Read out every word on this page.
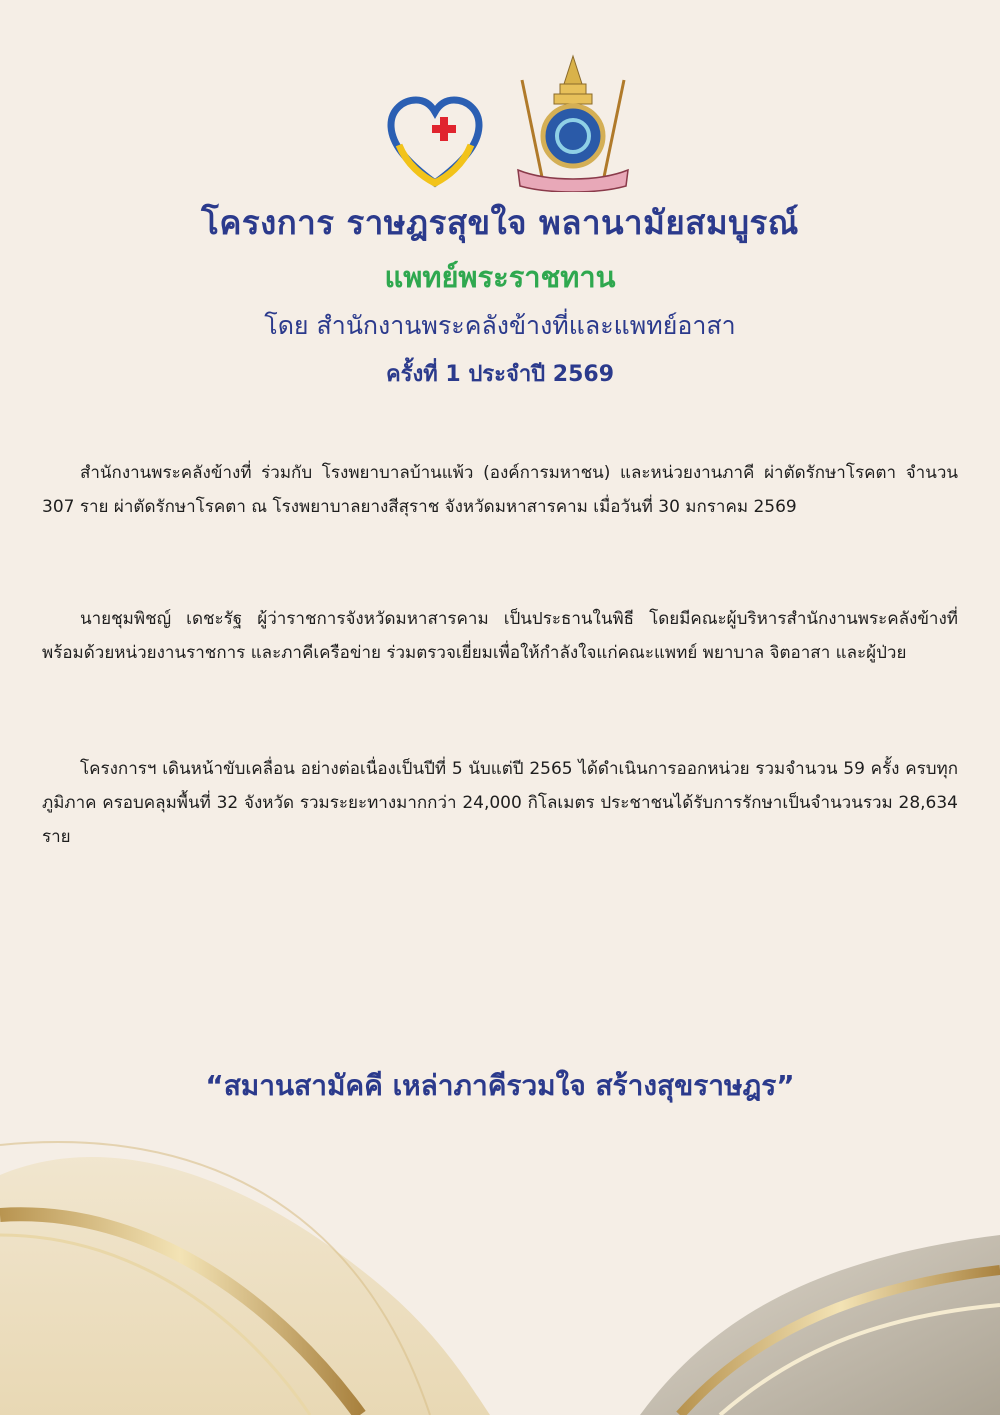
โครงการ ราษฎรสุขใจ พลานามัยสมบูรณ์
แพทย์พระราชทาน
โดย สำนักงานพระคลังข้างที่และแพทย์อาสา
ครั้งที่ 1 ประจำปี 2569

สำนักงานพระคลังข้างที่ ร่วมกับ โรงพยาบาลบ้านแพ้ว (องค์การมหาชน) และหน่วยงานภาคี ผ่าตัดรักษาโรคตา จำนวน 307 ราย ผ่าตัดรักษาโรคตา ณ โรงพยาบาลยางสีสุราช จังหวัดมหาสารคาม เมื่อวันที่ 30 มกราคม 2569

นายชุมพิชญ์ เดชะรัฐ ผู้ว่าราชการจังหวัดมหาสารคาม เป็นประธานในพิธี โดยมีคณะผู้บริหารสำนักงานพระคลังข้างที่ พร้อมด้วยหน่วยงานราชการ และภาคีเครือข่าย ร่วมตรวจเยี่ยมเพื่อให้กำลังใจแก่คณะแพทย์ พยาบาล จิตอาสา และผู้ป่วย

โครงการฯ เดินหน้าขับเคลื่อน อย่างต่อเนื่องเป็นปีที่ 5 นับแต่ปี 2565 ได้ดำเนินการออกหน่วย รวมจำนวน 59 ครั้ง ครบทุกภูมิภาค ครอบคลุมพื้นที่ 32 จังหวัด รวมระยะทางมากกว่า 24,000 กิโลเมตร ประชาชนได้รับการรักษาเป็นจำนวนรวม 28,634 ราย

“สมานสามัคคี เหล่าภาคีรวมใจ สร้างสุขราษฎร”
